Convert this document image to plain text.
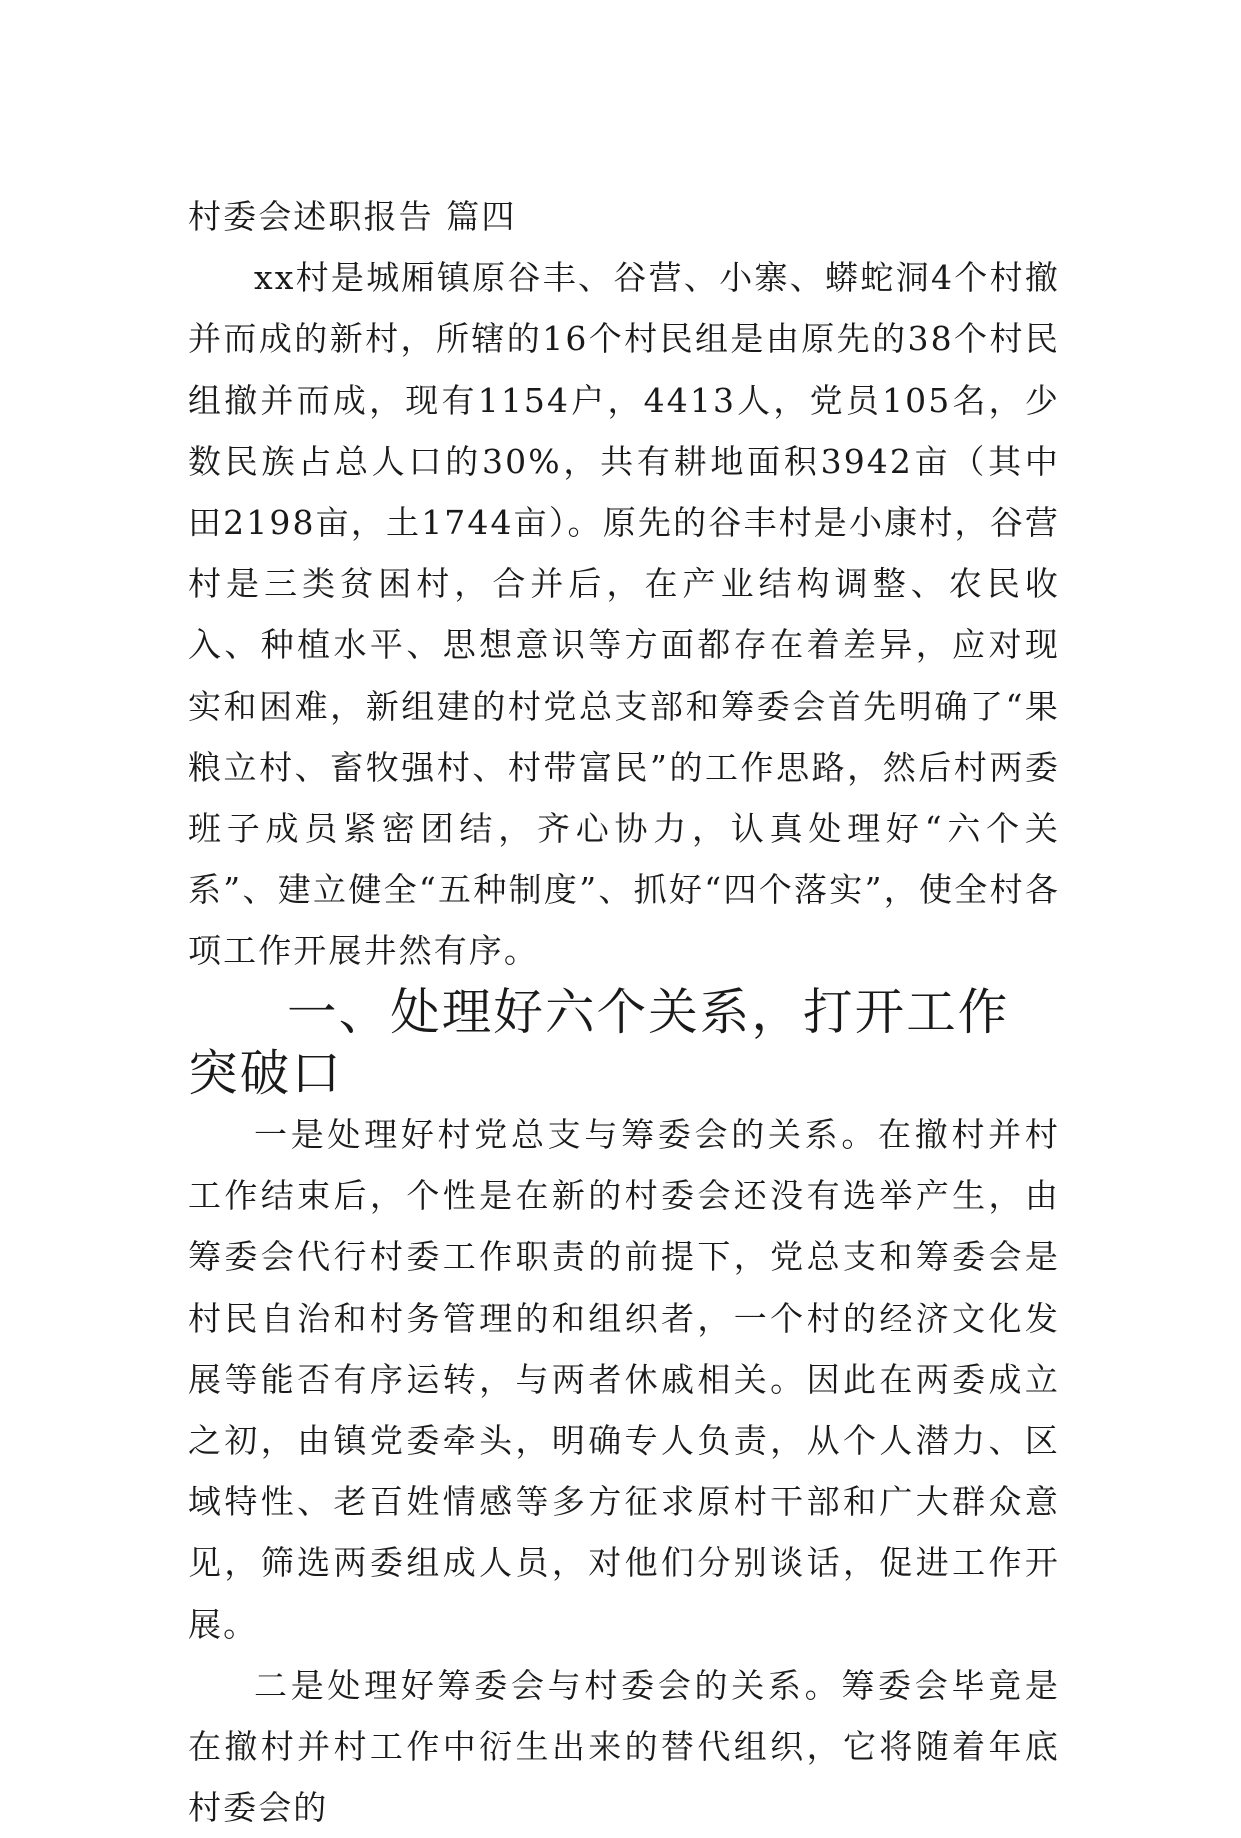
村委会述职报告 篇四

xx村是城厢镇原谷丰、谷营、小寨、蟒蛇洞4个村撤并而成的新村，所辖的16个村民组是由原先的38个村民组撤并而成，现有1154户，4413人，党员105名，少数民族占总人口的30%，共有耕地面积3942亩（其中田2198亩，土1744亩）。原先的谷丰村是小康村，谷营村是三类贫困村，合并后，在产业结构调整、农民收入、种植水平、思想意识等方面都存在着差异，应对现实和困难，新组建的村党总支部和筹委会首先明确了“果粮立村、畜牧强村、村带富民”的工作思路，然后村两委班子成员紧密团结，齐心协力，认真处理好“六个关系”、建立健全“五种制度”、抓好“四个落实”，使全村各项工作开展井然有序。

一、处理好六个关系，打开工作突破口

一是处理好村党总支与筹委会的关系。在撤村并村工作结束后，个性是在新的村委会还没有选举产生，由筹委会代行村委工作职责的前提下，党总支和筹委会是村民自治和村务管理的和组织者，一个村的经济文化发展等能否有序运转，与两者休戚相关。因此在两委成立之初，由镇党委牵头，明确专人负责，从个人潜力、区域特性、老百姓情感等多方征求原村干部和广大群众意见，筛选两委组成人员，对他们分别谈话，促进工作开展。

二是处理好筹委会与村委会的关系。筹委会毕竟是在撤村并村工作中衍生出来的替代组织，它将随着年底村委会的
